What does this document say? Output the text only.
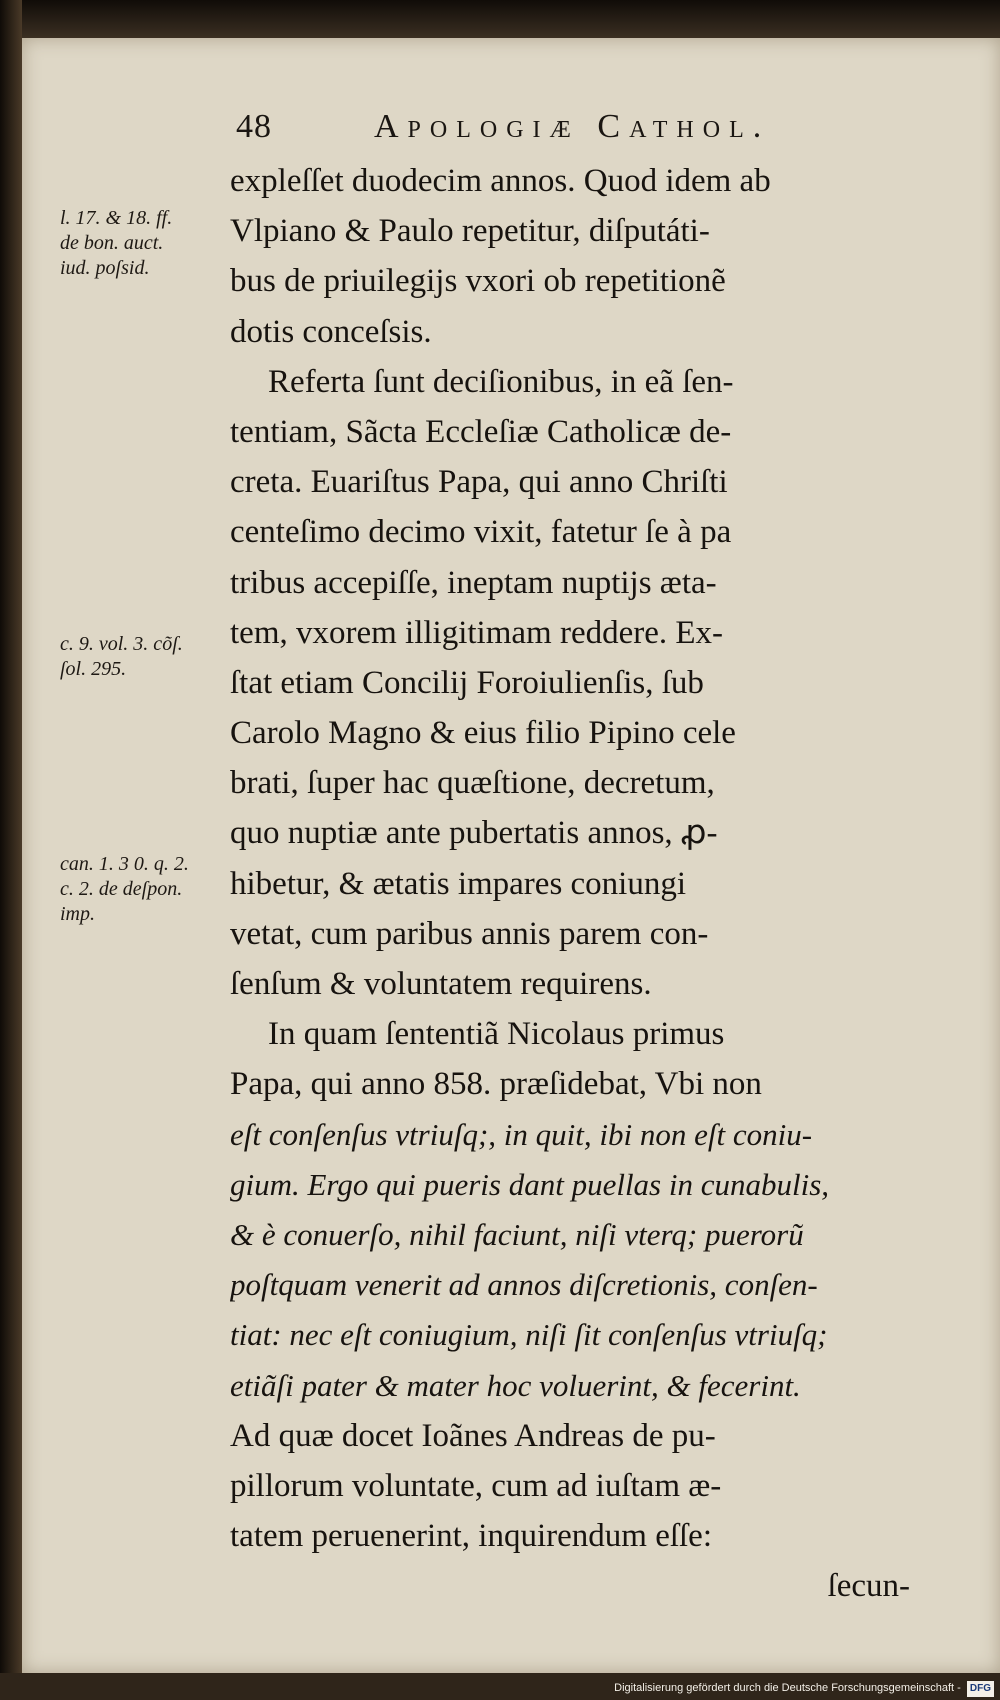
48	Apologiæ Cathol.
l. 17. & 18. ff.
de bon. auct.
iud. poſsid.
c. 9. vol. 3. cõſ.
ſol. 295.
can. 1. 3 0. q. 2.
c. 2. de deſpon.
imp.
expleſſet duodecim annos. Quod idem ab
Vlpiano & Paulo repetitur, diſputáti-
bus de priuilegijs vxori ob repetitionẽ
dotis conceſsis.
Referta ſunt deciſionibus, in eã ſen-
tentiam, Sãcta Eccleſiæ Catholicæ de-
creta. Euariſtus Papa, qui anno Chriſti
centeſimo decimo vixit, fatetur ſe à pa
tribus accepiſſe, ineptam nuptijs æta-
tem, vxorem illigitimam reddere. Ex-
ſtat etiam Concilij Foroiulienſis, ſub
Carolo Magno & eius filio Pipino cele
brati, ſuper hac quæſtione, decretum,
quo nuptiæ ante pubertatis annos, ꝓ-
hibetur, & ætatis impares coniungi
vetat, cum paribus annis parem con-
ſenſum & voluntatem requirens.
In quam ſententiã Nicolaus primus
Papa, qui anno 858. præſidebat, Vbi non
eſt conſenſus vtriuſq;, in quit, ibi non eſt coniu-
gium. Ergo qui pueris dant puellas in cunabulis,
& è conuerſo, nihil faciunt, niſi vterq; puerorũ
poſtquam venerit ad annos diſcretionis, conſen-
tiat: nec eſt coniugium, niſi ſit conſenſus vtriuſq;
etiãſi pater & mater hoc voluerint, & fecerint.
Ad quæ docet Ioãnes Andreas de pu-
pillorum voluntate, cum ad iuſtam æ-
tatem peruenerint, inquirendum eſſe:
ſecun-
Digitalisierung gefördert durch die Deutsche Forschungsgemeinschaft - DFG
